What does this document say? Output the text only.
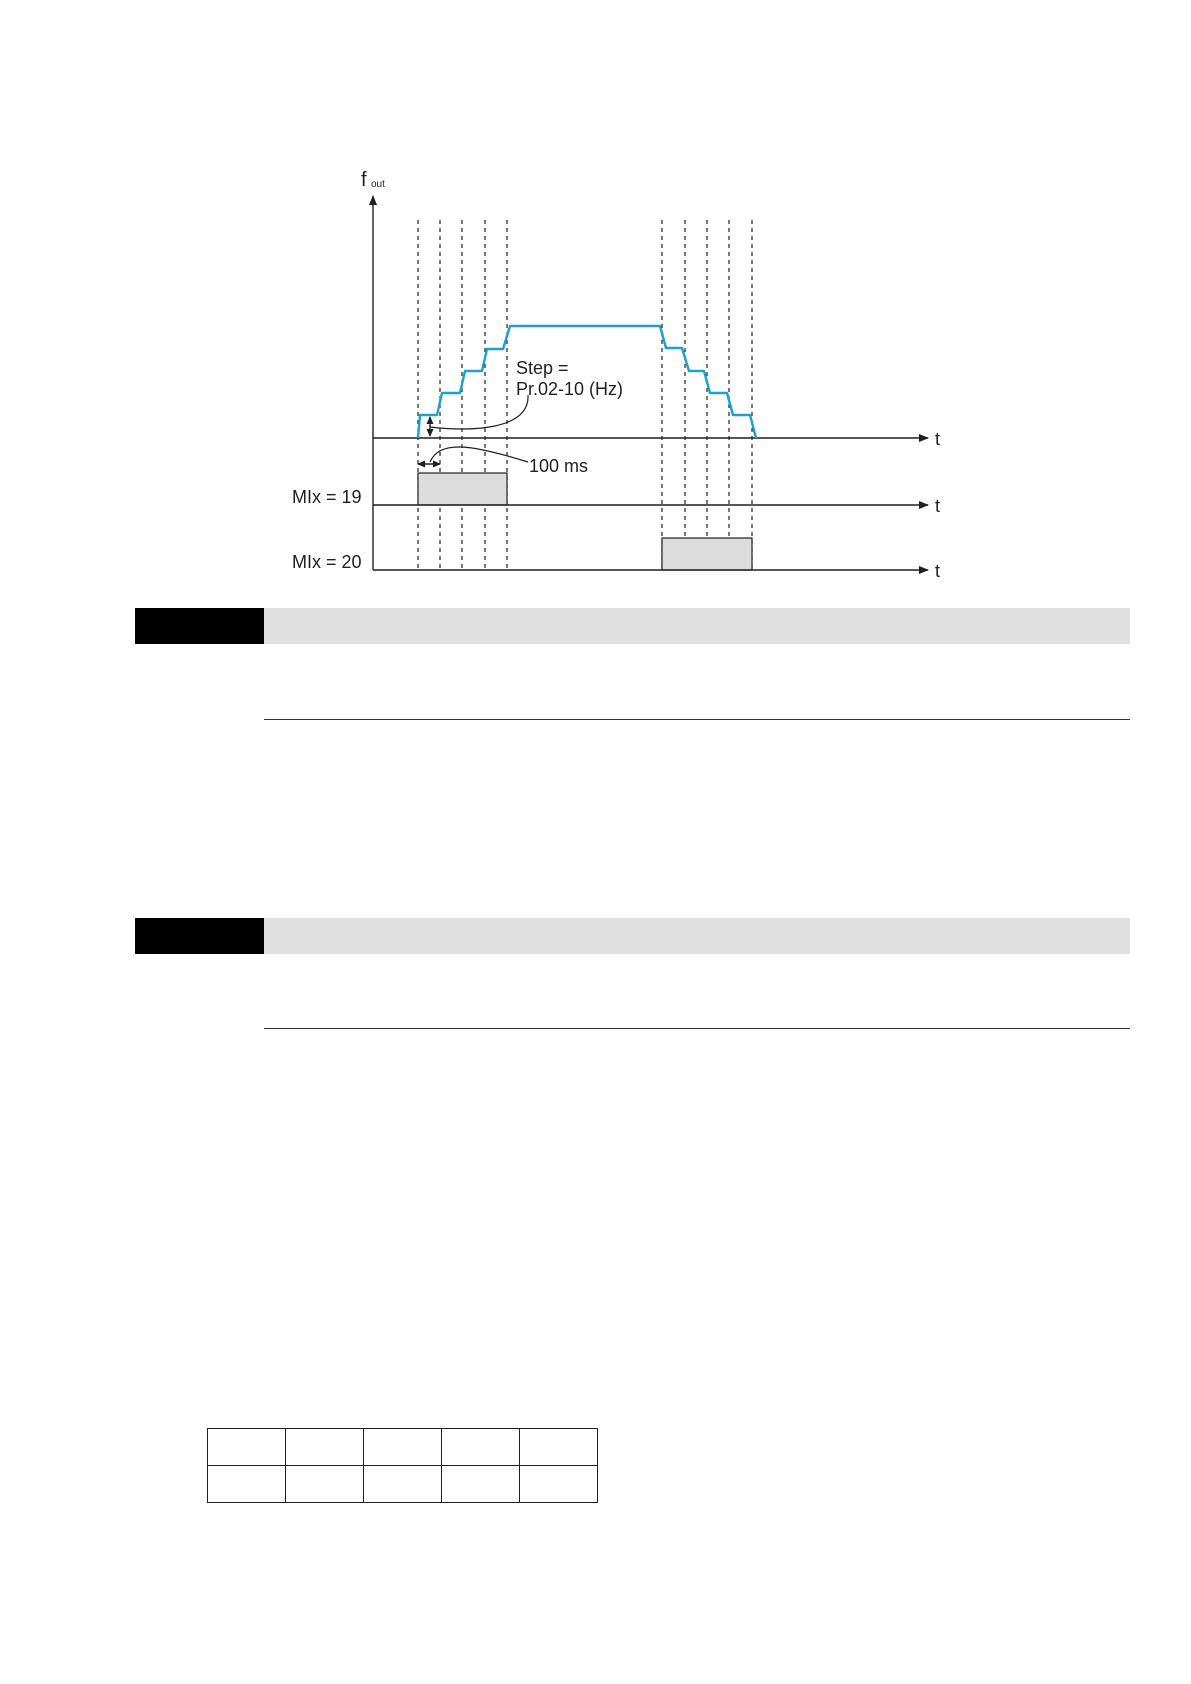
f out
t
t
t
MIx = 19
MIx = 20
Step =
Pr.02-10 (Hz)
100 ms
